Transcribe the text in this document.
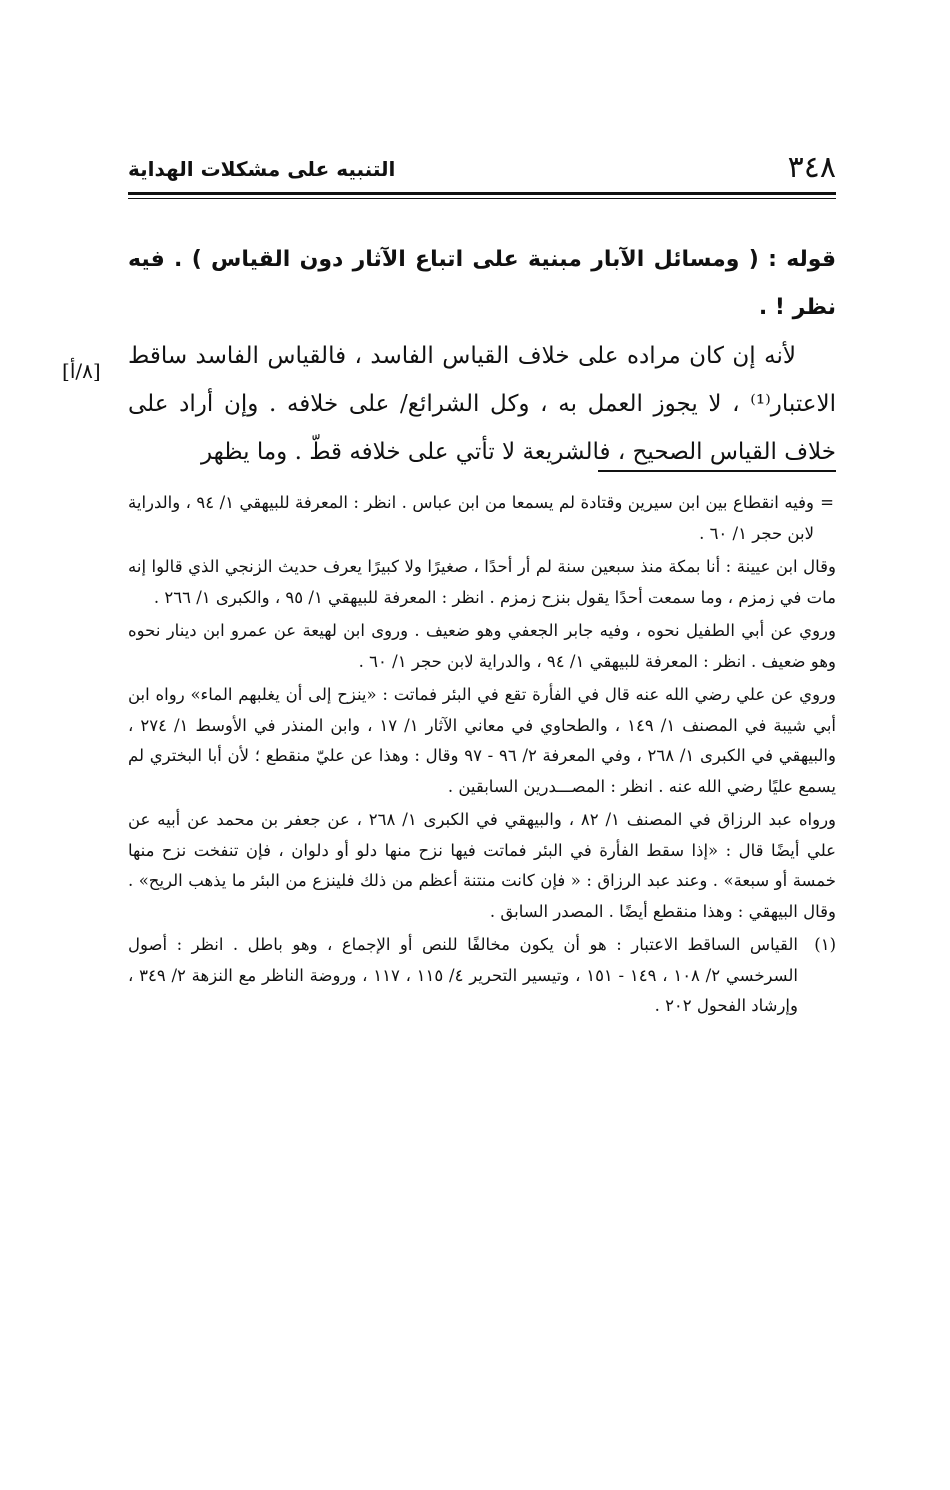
٣٤٨
التنبيه على مشكلات الهداية

قوله : ( ومسائل الآبار مبنية على اتباع الآثار دون القياس ) . فيه نظر ! .

لأنه إن كان مراده على خلاف القياس الفاسد ، فالقياس الفاسد ساقط الاعتبار⁽¹⁾ ، لا يجوز العمل به ، وكل الشرائع/ على خلافه . وإن أراد على خلاف القياس الصحيح ، فالشريعة لا تأتي على خلافه قطّ . وما يظهر

[٨/أ]

=
وفيه انقطاع بين ابن سيرين وقتادة لم يسمعا من ابن عباس . انظر : المعرفة للبيهقي ١/ ٩٤ ، والدراية لابن حجر ١/ ٦٠ .

وقال ابن عيينة : أنا بمكة منذ سبعين سنة لم أر أحدًا ، صغيرًا ولا كبيرًا يعرف حديث الزنجي الذي قالوا إنه مات في زمزم ، وما سمعت أحدًا يقول بنزح زمزم . انظر : المعرفة للبيهقي ١/ ٩٥ ، والكبرى ١/ ٢٦٦ .

وروي عن أبي الطفيل نحوه ، وفيه جابر الجعفي وهو ضعيف . وروى ابن لهيعة عن عمرو ابن دينار نحوه وهو ضعيف . انظر : المعرفة للبيهقي ١/ ٩٤ ، والدراية لابن حجر ١/ ٦٠ .

وروي عن علي رضي الله عنه قال في الفأرة تقع في البئر فماتت : «ينزح إلى أن يغلبهم الماء» رواه ابن أبي شيبة في المصنف ١/ ١٤٩ ، والطحاوي في معاني الآثار ١/ ١٧ ، وابن المنذر في الأوسط ١/ ٢٧٤ ، والبيهقي في الكبرى ١/ ٢٦٨ ، وفي المعرفة ٢/ ٩٦ - ٩٧ وقال : وهذا عن عليّ منقطع ؛ لأن أبا البختري لم يسمع عليًا رضي الله عنه . انظر : المصـــدرين السابقين .

ورواه عبد الرزاق في المصنف ١/ ٨٢ ، والبيهقي في الكبرى ١/ ٢٦٨ ، عن جعفر بن محمد عن أبيه عن علي أيضًا قال : «إذا سقط الفأرة في البئر فماتت فيها نزح منها دلو أو دلوان ، فإن تنفخت نزح منها خمسة أو سبعة» . وعند عبد الرزاق : « فإن كانت منتنة أعظم من ذلك فلينزع من البئر ما يذهب الريح» . وقال البيهقي : وهذا منقطع أيضًا . المصدر السابق .

(١)
القياس الساقط الاعتبار : هو أن يكون مخالفًا للنص أو الإجماع ، وهو باطل . انظر : أصول السرخسي ٢/ ١٠٨ ، ١٤٩ - ١٥١ ، وتيسير التحرير ٤/ ١١٥ ، ١١٧ ، وروضة الناظر مع النزهة ٢/ ٣٤٩ ، وإرشاد الفحول ٢٠٢ .
